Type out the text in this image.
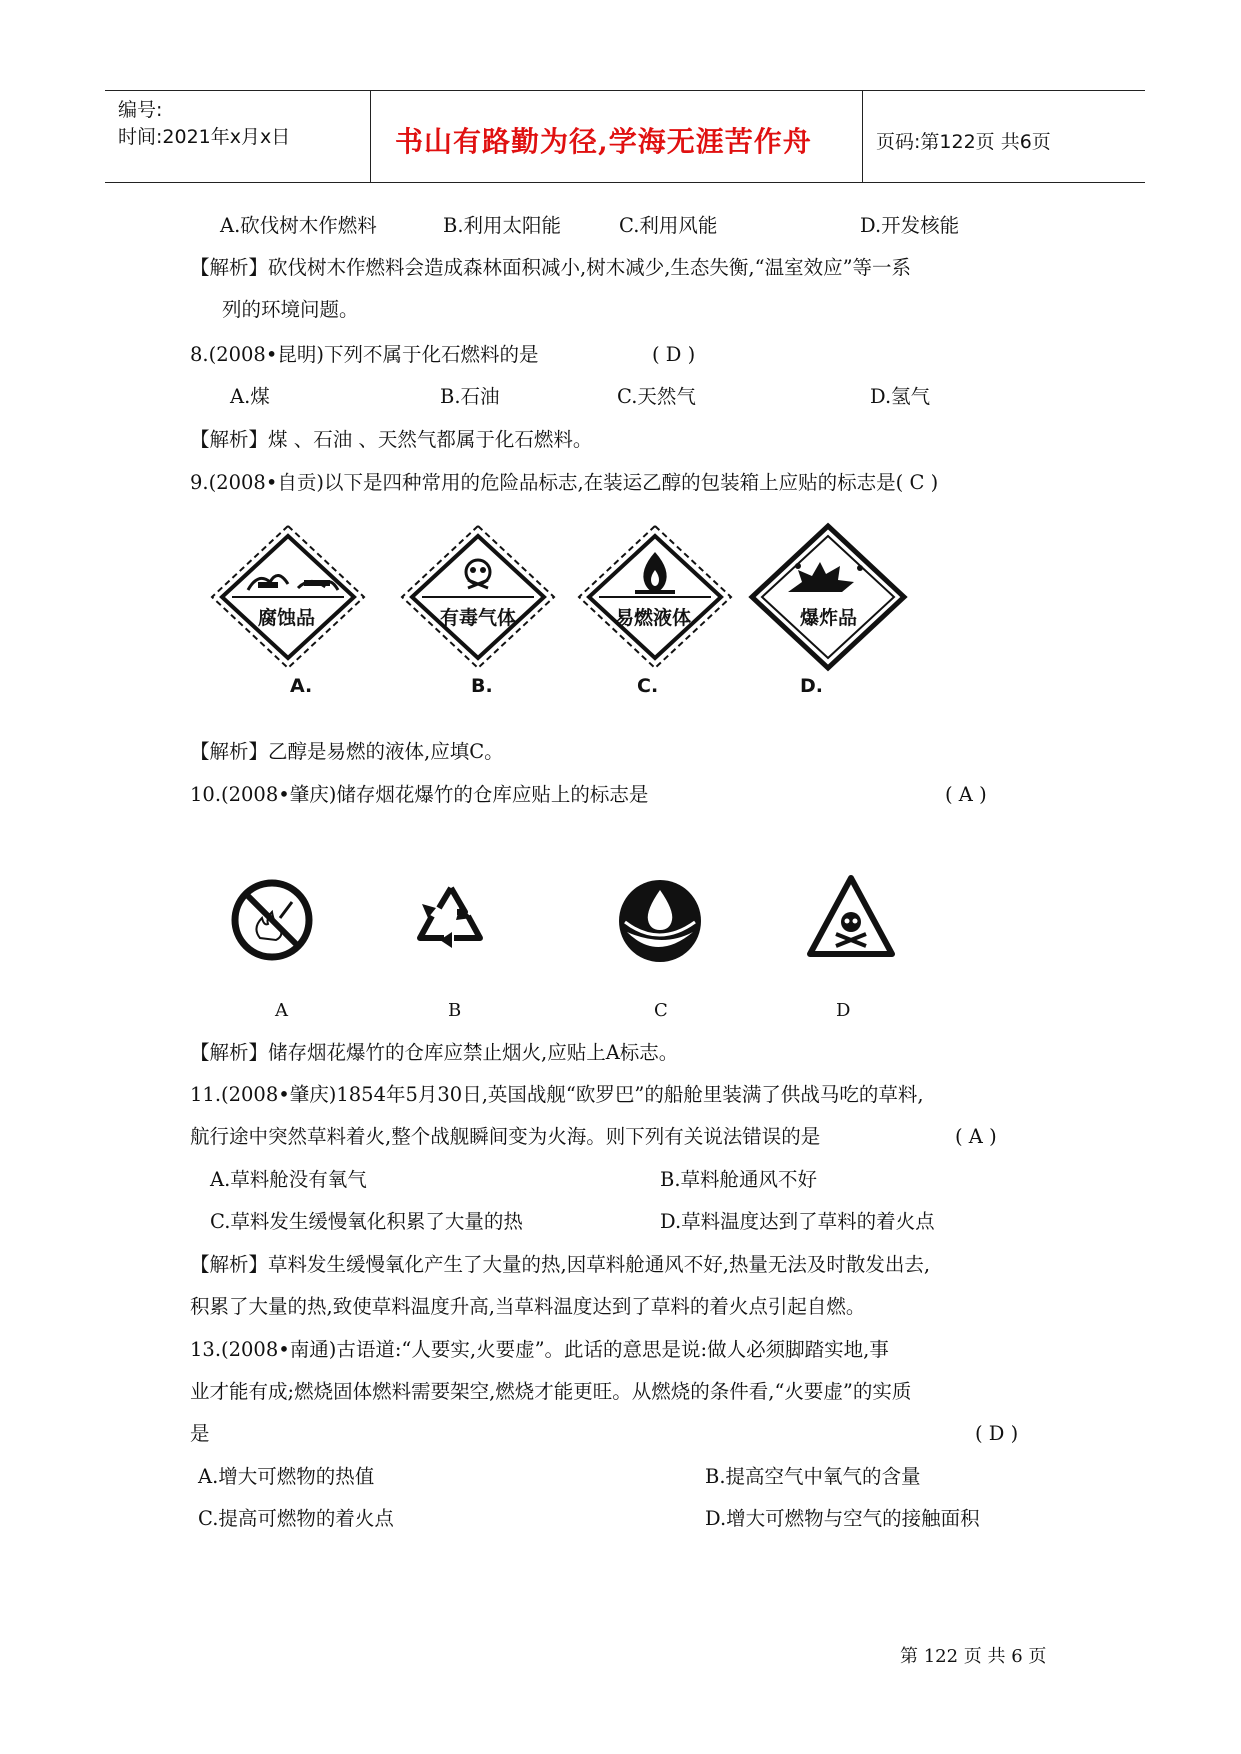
编号:
时间:2021年x月x日	书山有路勤为径,学海无涯苦作舟	页码:第122页 共6页
A.砍伐树木作燃料	B.利用太阳能	C.利用风能	D.开发核能
【解析】砍伐树木作燃料会造成森林面积减小,树木减少,生态失衡,“温室效应”等一系
列的环境问题。
8.(2008•昆明)下列不属于化石燃料的是	( D )
A.煤	B.石油	C.天然气	D.氢气
【解析】煤 、石油 、天然气都属于化石燃料。
9.(2008•自贡)以下是四种常用的危险品标志,在装运乙醇的包装箱上应贴的标志是( C )
腐蚀品
A.
有毒气体
B.
易燃液体
C.
爆炸品
D.
【解析】乙醇是易燃的液体,应填C。
10.(2008•肇庆)储存烟花爆竹的仓库应贴上的标志是	( A )
A	B	C	D
【解析】储存烟花爆竹的仓库应禁止烟火,应贴上A标志。
11.(2008•肇庆)1854年5月30日,英国战舰“欧罗巴”的船舱里装满了供战马吃的草料,
航行途中突然草料着火,整个战舰瞬间变为火海。则下列有关说法错误的是	( A )
A.草料舱没有氧气	B.草料舱通风不好
C.草料发生缓慢氧化积累了大量的热	D.草料温度达到了草料的着火点
【解析】草料发生缓慢氧化产生了大量的热,因草料舱通风不好,热量无法及时散发出去,
积累了大量的热,致使草料温度升高,当草料温度达到了草料的着火点引起自燃。
13.(2008•南通)古语道:“人要实,火要虚”。此话的意思是说:做人必须脚踏实地,事
业才能有成;燃烧固体燃料需要架空,燃烧才能更旺。从燃烧的条件看,“火要虚”的实质
是	( D )
A.增大可燃物的热值	B.提高空气中氧气的含量
C.提高可燃物的着火点	D.增大可燃物与空气的接触面积
第 122 页 共 6 页
